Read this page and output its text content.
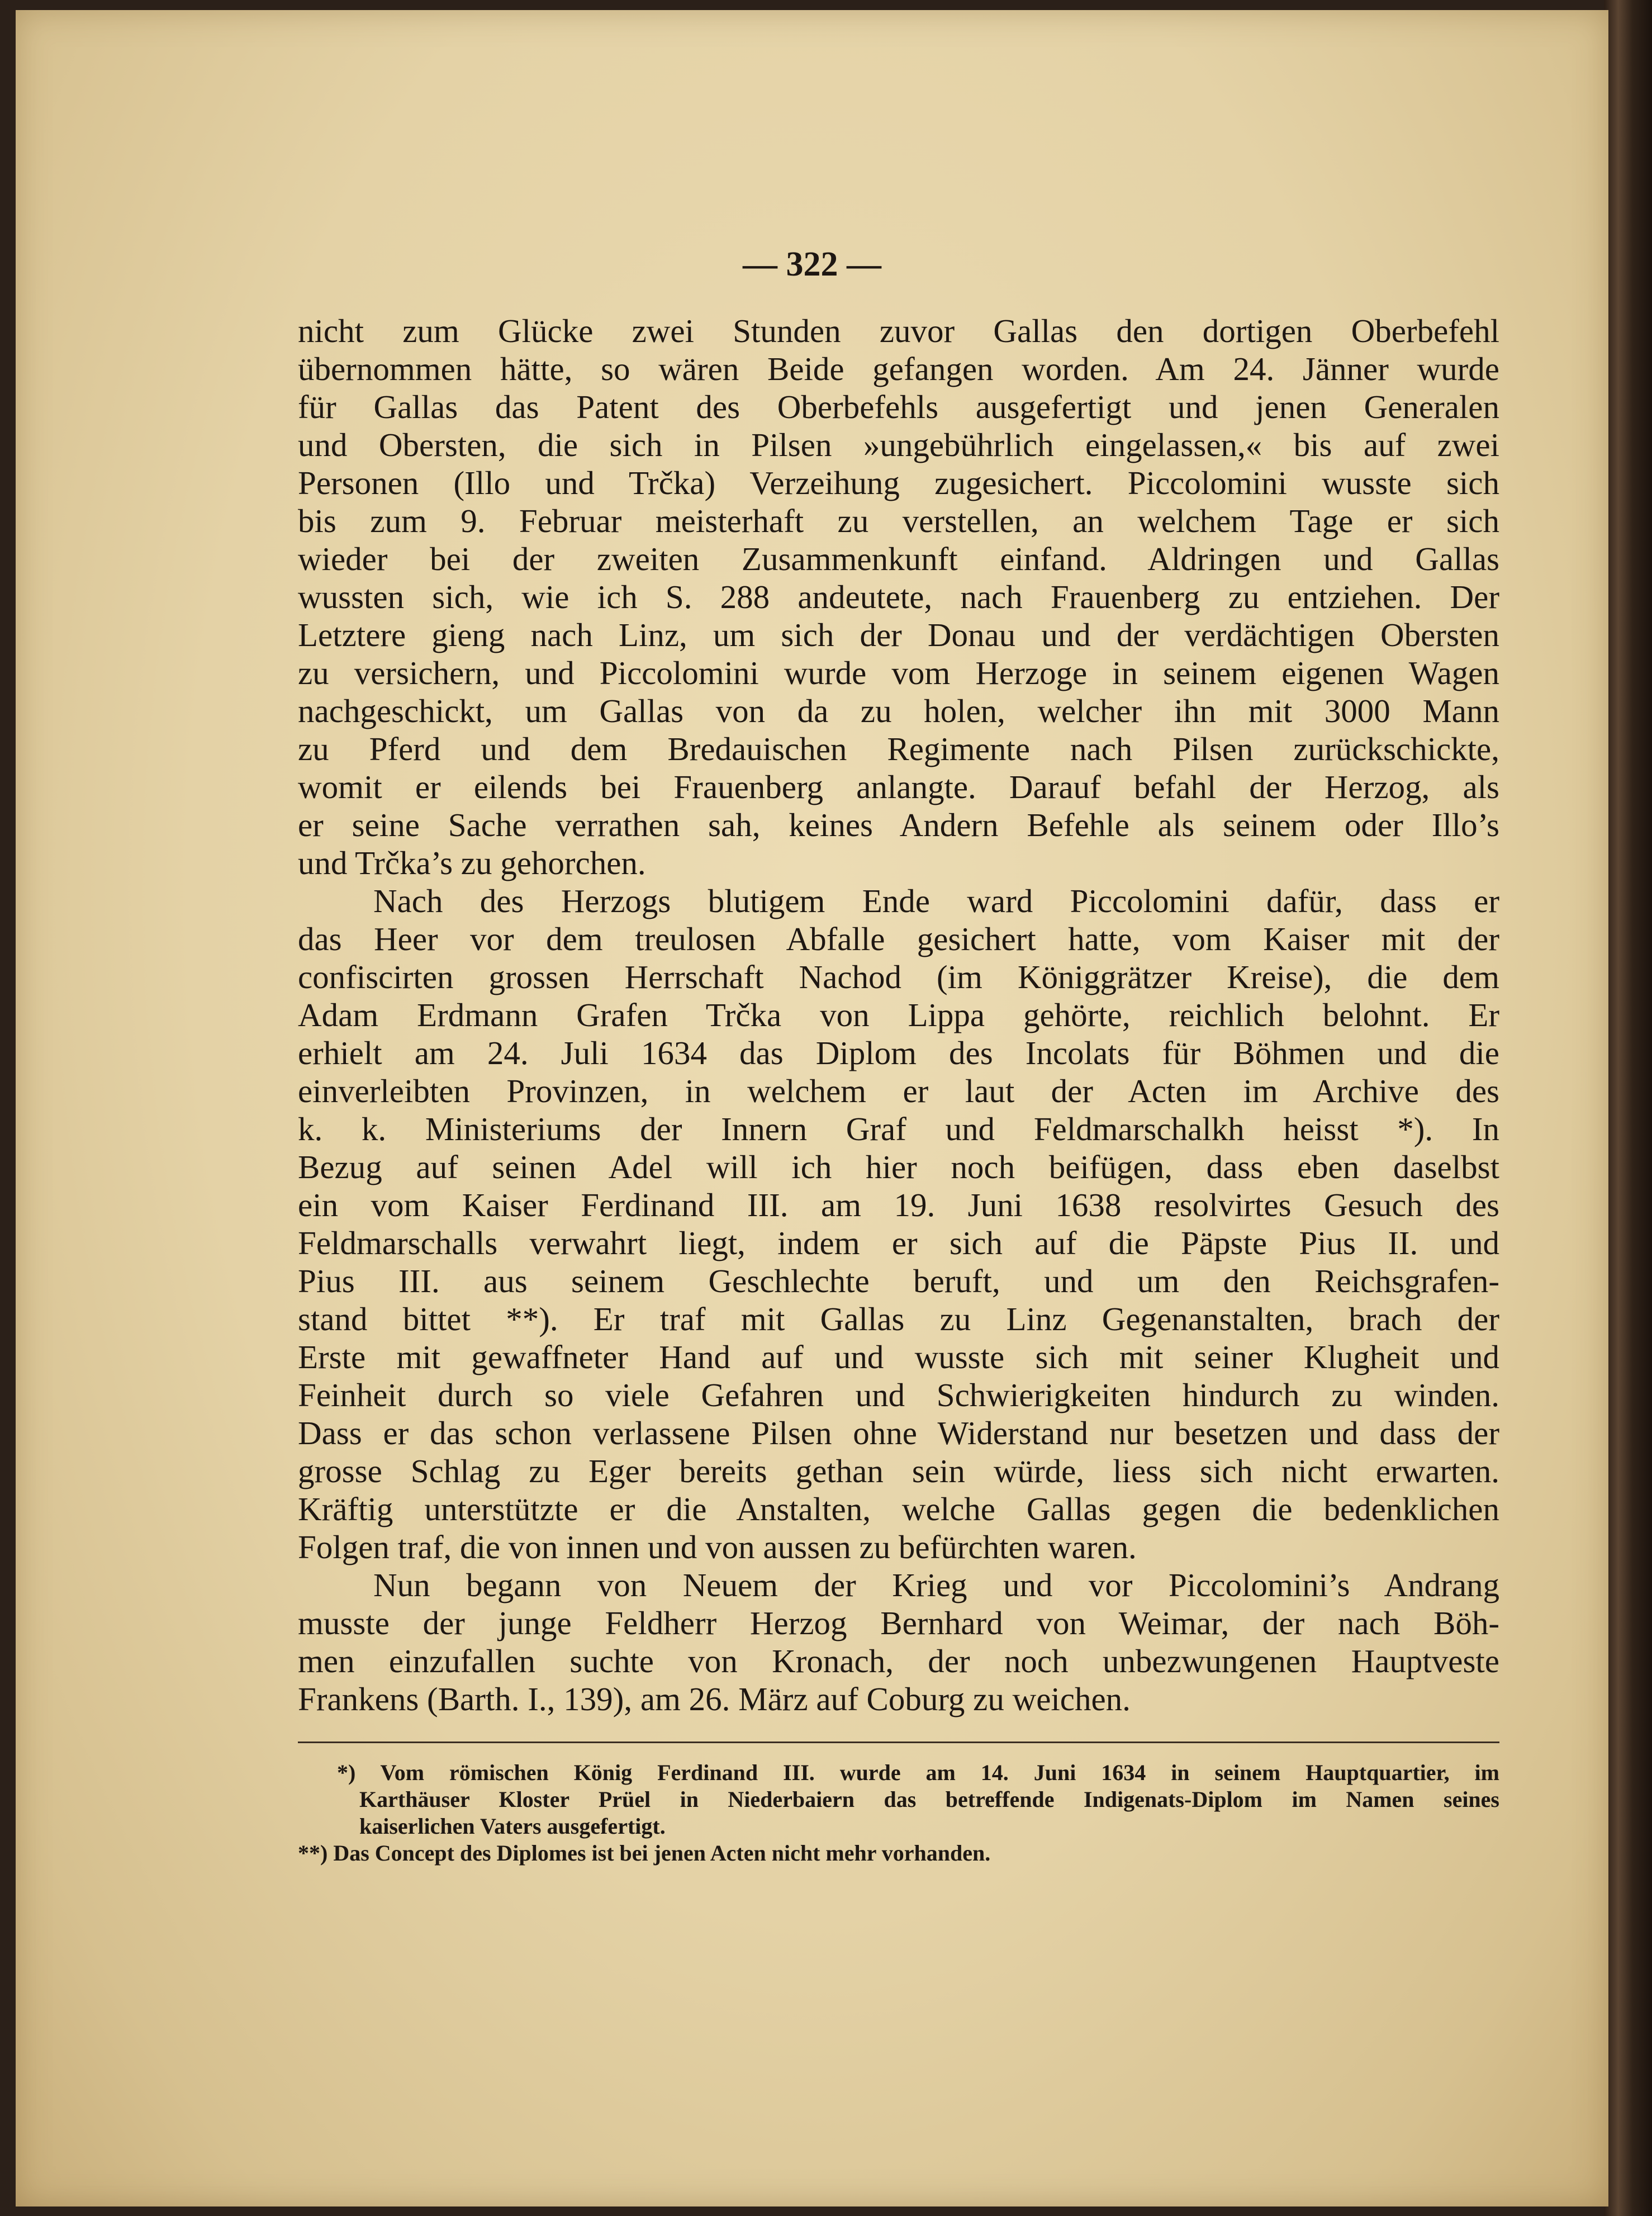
— 322 —
nicht zum Glücke zwei Stunden zuvor Gallas den dortigen Oberbefehl
übernommen hätte, so wären Beide gefangen worden. Am 24. Jänner wurde
für Gallas das Patent des Oberbefehls ausgefertigt und jenen Generalen
und Obersten, die sich in Pilsen »ungebührlich eingelassen,« bis auf zwei
Personen (Illo und Trčka) Verzeihung zugesichert. Piccolomini wusste sich
bis zum 9. Februar meisterhaft zu verstellen, an welchem Tage er sich
wieder bei der zweiten Zusammenkunft einfand. Aldringen und Gallas
wussten sich, wie ich S. 288 andeutete, nach Frauenberg zu entziehen. Der
Letztere gieng nach Linz, um sich der Donau und der verdächtigen Obersten
zu versichern, und Piccolomini wurde vom Herzoge in seinem eigenen Wagen
nachgeschickt, um Gallas von da zu holen, welcher ihn mit 3000 Mann
zu Pferd und dem Bredauischen Regimente nach Pilsen zurückschickte,
womit er eilends bei Frauenberg anlangte. Darauf befahl der Herzog, als
er seine Sache verrathen sah, keines Andern Befehle als seinem oder Illo’s
und Trčka’s zu gehorchen.
Nach des Herzogs blutigem Ende ward Piccolomini dafür, dass er
das Heer vor dem treulosen Abfalle gesichert hatte, vom Kaiser mit der
confiscirten grossen Herrschaft Nachod (im Königgrätzer Kreise), die dem
Adam Erdmann Grafen Trčka von Lippa gehörte, reichlich belohnt. Er
erhielt am 24. Juli 1634 das Diplom des Incolats für Böhmen und die
einverleibten Provinzen, in welchem er laut der Acten im Archive des
k. k. Ministeriums der Innern Graf und Feldmarschalkh heisst *). In
Bezug auf seinen Adel will ich hier noch beifügen, dass eben daselbst
ein vom Kaiser Ferdinand III. am 19. Juni 1638 resolvirtes Gesuch des
Feldmarschalls verwahrt liegt, indem er sich auf die Päpste Pius II. und
Pius III. aus seinem Geschlechte beruft, und um den Reichsgrafen-
stand bittet **). Er traf mit Gallas zu Linz Gegenanstalten, brach der
Erste mit gewaffneter Hand auf und wusste sich mit seiner Klugheit und
Feinheit durch so viele Gefahren und Schwierigkeiten hindurch zu winden.
Dass er das schon verlassene Pilsen ohne Widerstand nur besetzen und dass der
grosse Schlag zu Eger bereits gethan sein würde, liess sich nicht erwarten.
Kräftig unterstützte er die Anstalten, welche Gallas gegen die bedenklichen
Folgen traf, die von innen und von aussen zu befürchten waren.
Nun begann von Neuem der Krieg und vor Piccolomini’s Andrang
musste der junge Feldherr Herzog Bernhard von Weimar, der nach Böh-
men einzufallen suchte von Kronach, der noch unbezwungenen Hauptveste
Frankens (Barth. I., 139), am 26. März auf Coburg zu weichen.
*) Vom römischen König Ferdinand III. wurde am 14. Juni 1634 in seinem Hauptquartier, im
Karthäuser Kloster Prüel in Niederbaiern das betreffende Indigenats-Diplom im Namen seines
kaiserlichen Vaters ausgefertigt.
**) Das Concept des Diplomes ist bei jenen Acten nicht mehr vorhanden.
